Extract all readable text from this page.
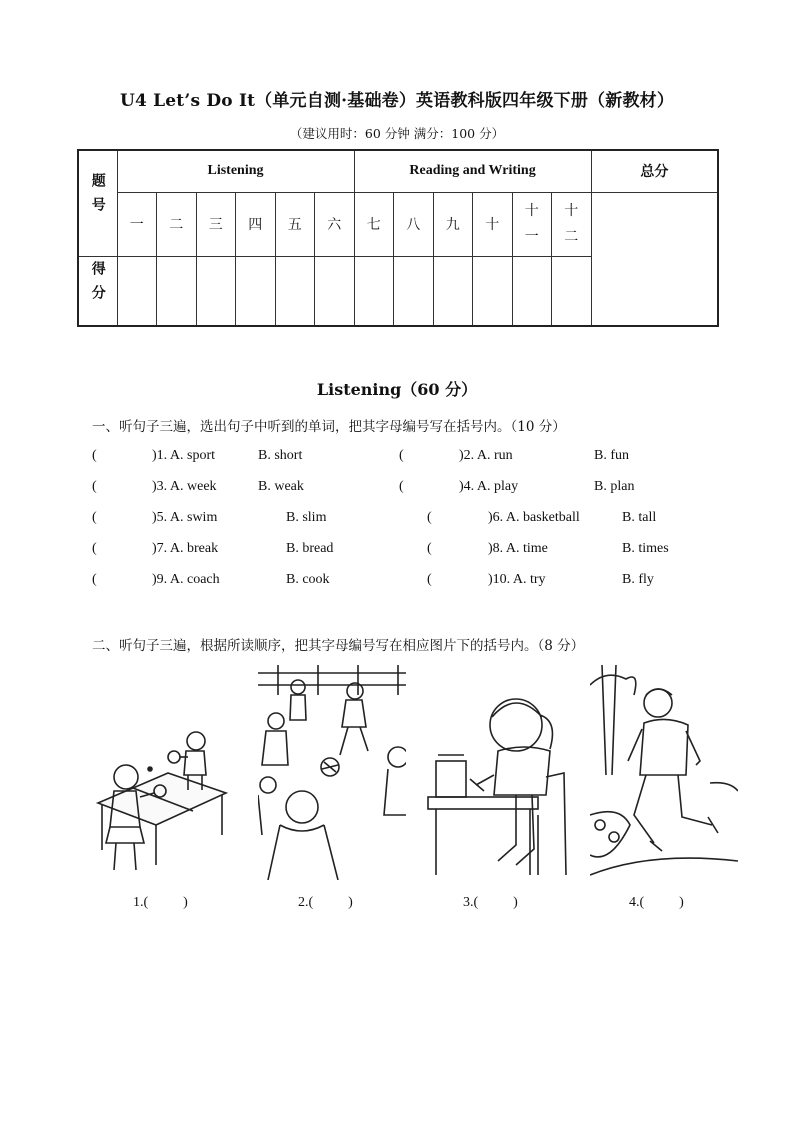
U4 Let’s Do It（单元自测·基础卷）英语教科版四年级下册（新教材）
（建议用时：60 分钟 满分：100 分）
题号	Listening						Reading and Writing						总分
	一	二	三	四	五	六	七	八	九	十	十一	十二	
得分													
Listening（60 分）
一、听句子三遍，选出句子中听到的单词，把其字母编号写在括号内。（10 分）
(	)1. A. sport	B. short	(	)2. A. run	B. fun
(	)3. A. week	B. weak	(	)4. A. play	B. plan
(	)5. A. swim	B. slim	(	)6. A. basketball	B. tall
(	)7. A. break	B. bread	(	)8. A. time	B. times
(	)9. A. coach	B. cook	(	)10. A. try	B. fly
二、听句子三遍，根据所读顺序，把其字母编号写在相应图片下的括号内。（8 分）
1.(          )	2.(          )	3.(          )	4.(          )
